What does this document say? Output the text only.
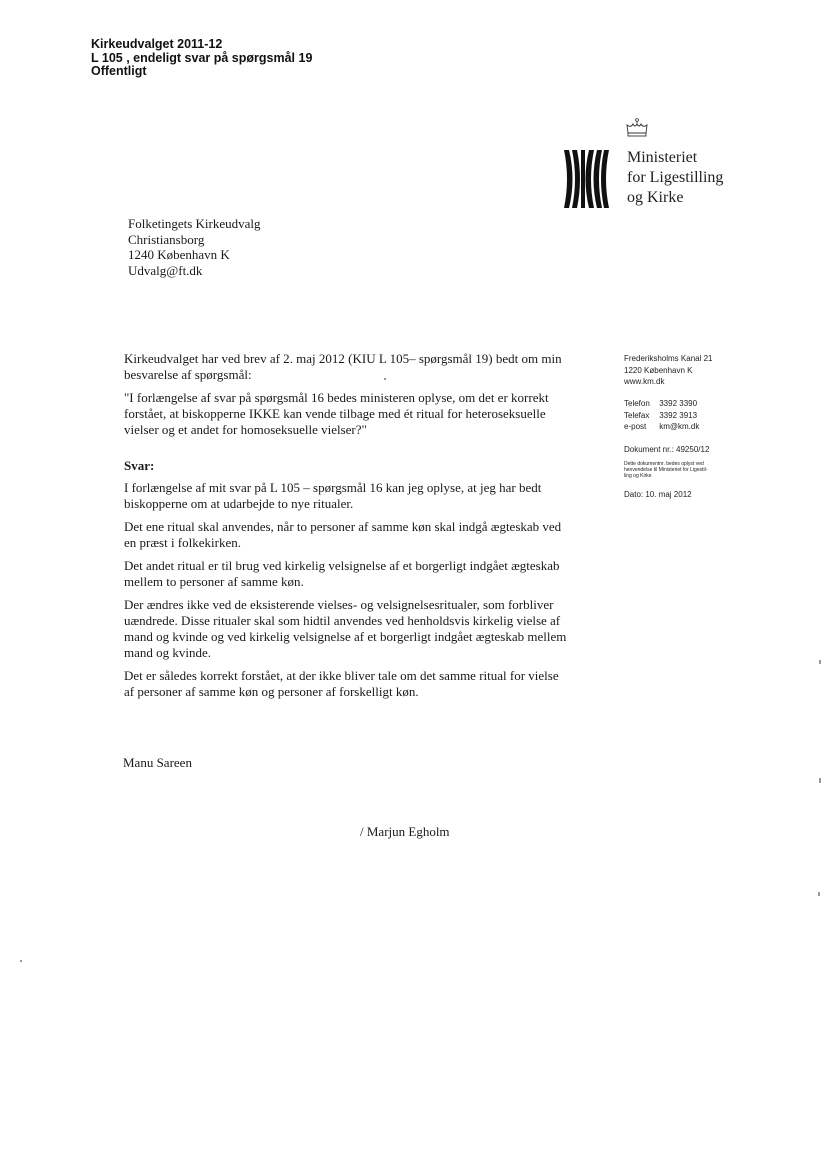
Kirkeudvalget 2011-12
L 105 , endeligt svar på spørgsmål 19
Offentligt
Ministeriet
for Ligestilling
og Kirke
Folketingets Kirkeudvalg
Christiansborg
1240 København K
Udvalg@ft.dk
Frederiksholms Kanal 21
1220 København K
www.km.dk
Telefon 3392 3390
Telefax 3392 3913
e-post km@km.dk
Dokument nr.: 49250/12
Dette dokumentnr. bedes oplyst ved
henvendelse til Ministeriet for Ligestil-
ling og Kirke
Dato: 10. maj 2012

Kirkeudvalget har ved brev af 2. maj 2012 (KIU L 105– spørgsmål 19) bedt om min besvarelse af spørgsmål:

"I forlængelse af svar på spørgsmål 16 bedes ministeren oplyse, om det er korrekt forstået, at biskopperne IKKE kan vende tilbage med ét ritual for heteroseksuelle vielser og et andet for homoseksuelle vielser?"

Svar:

I forlængelse af mit svar på L 105 – spørgsmål 16 kan jeg oplyse, at jeg har bedt biskopperne om at udarbejde to nye ritualer.

Det ene ritual skal anvendes, når to personer af samme køn skal indgå ægteskab ved en præst i folkekirken.

Det andet ritual er til brug ved kirkelig velsignelse af et borgerligt indgået ægteskab mellem to personer af samme køn.

Der ændres ikke ved de eksisterende vielses- og velsignelsesritualer, som forbliver uændrede. Disse ritualer skal som hidtil anvendes ved henholdsvis kirkelig vielse af mand og kvinde og ved kirkelig velsignelse af et borgerligt indgået ægteskab mellem mand og kvinde.

Det er således korrekt forstået, at der ikke bliver tale om det samme ritual for vielse af personer af samme køn og personer af forskelligt køn.

Manu Sareen
/ Marjun Egholm
